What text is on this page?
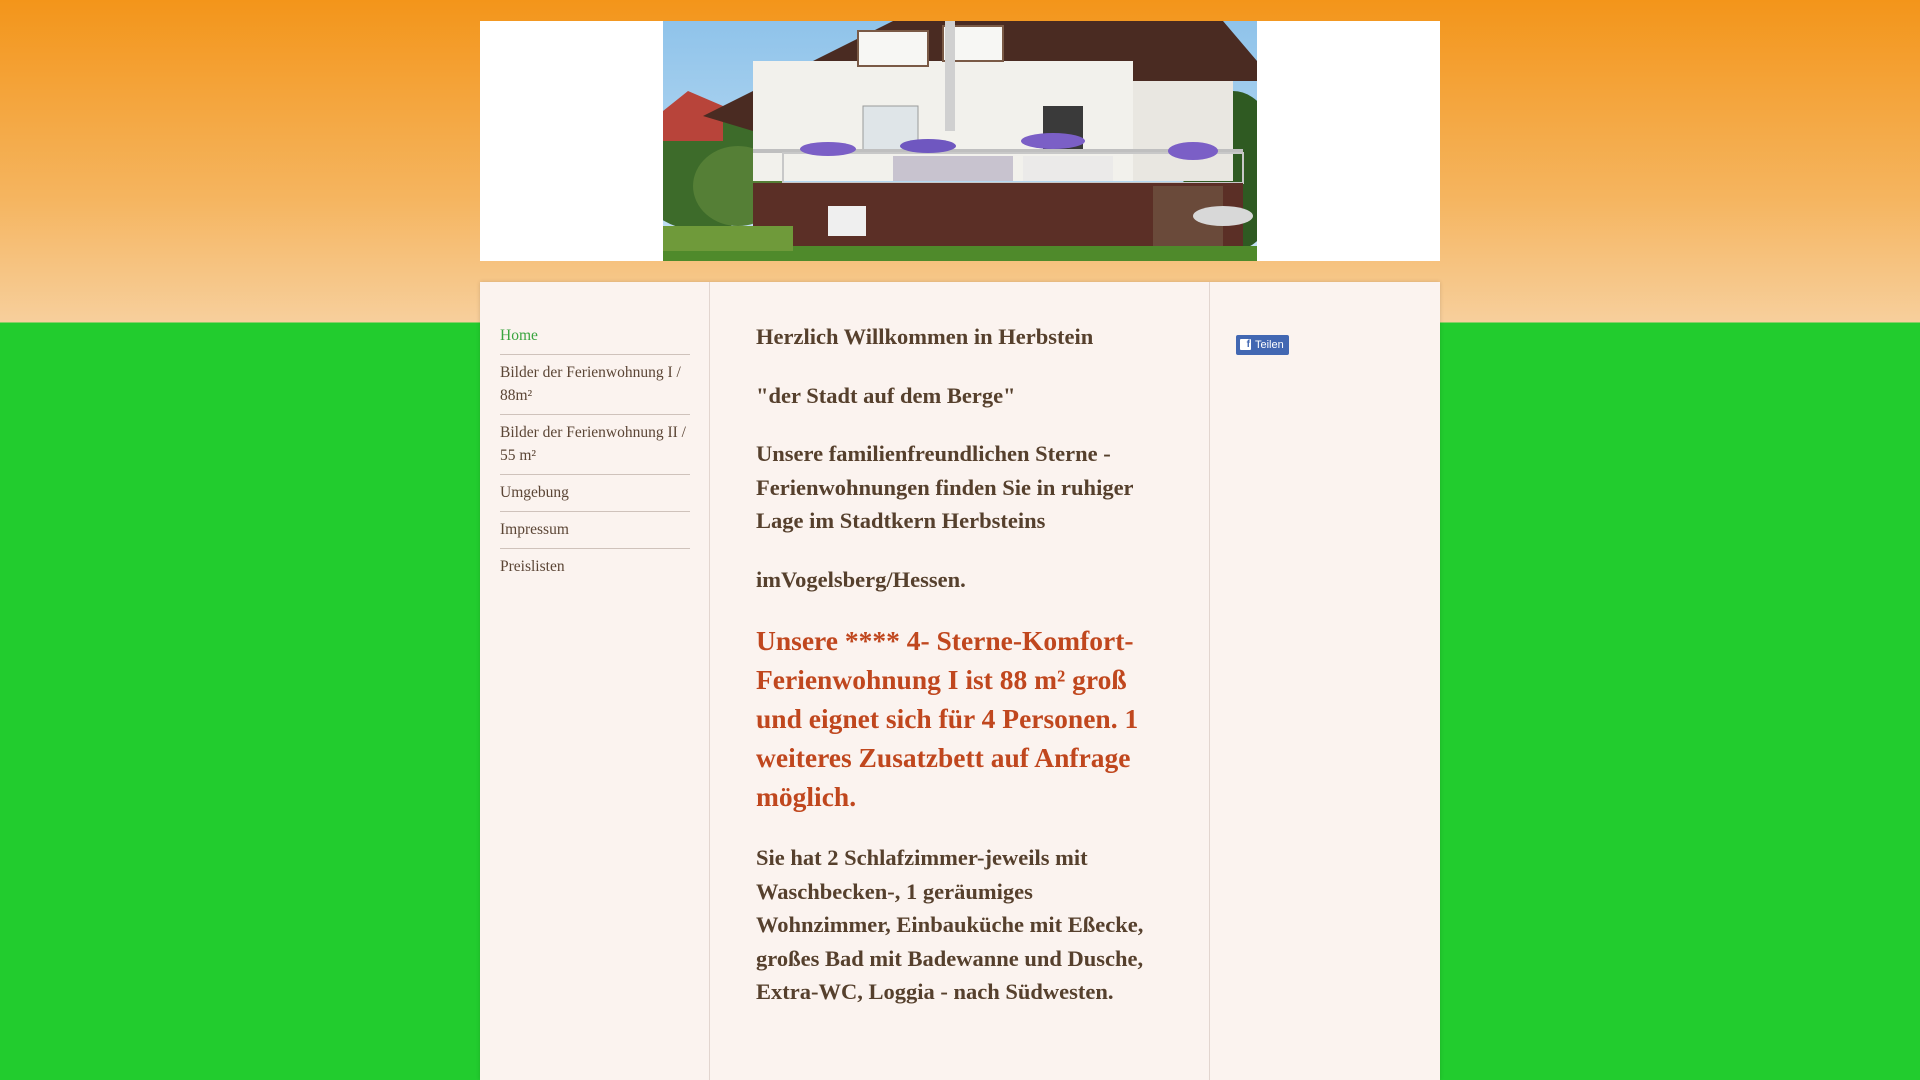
Home
Bilder der Ferienwohnung I / 88m²
Bilder der Ferienwohnung II / 55 m²
Umgebung
Impressum
Preislisten

Herzlich Willkommen in Herbstein

"der Stadt auf dem Berge"

Unsere familienfreundlichen Sterne - Ferienwohnungen finden Sie in ruhiger Lage im Stadtkern Herbsteins

imVogelsberg/Hessen.

Unsere **** 4- Sterne-Komfort- Ferienwohnung I ist 88 m² groß und eignet sich für 4 Personen. 1 weiteres Zusatzbett auf Anfrage möglich.

Sie hat 2 Schlafzimmer-jeweils mit Waschbecken-, 1 geräumiges Wohnzimmer, Einbauküche mit Eßecke, großes Bad mit Badewanne und Dusche, Extra-WC, Loggia - nach Südwesten.

f Teilen
